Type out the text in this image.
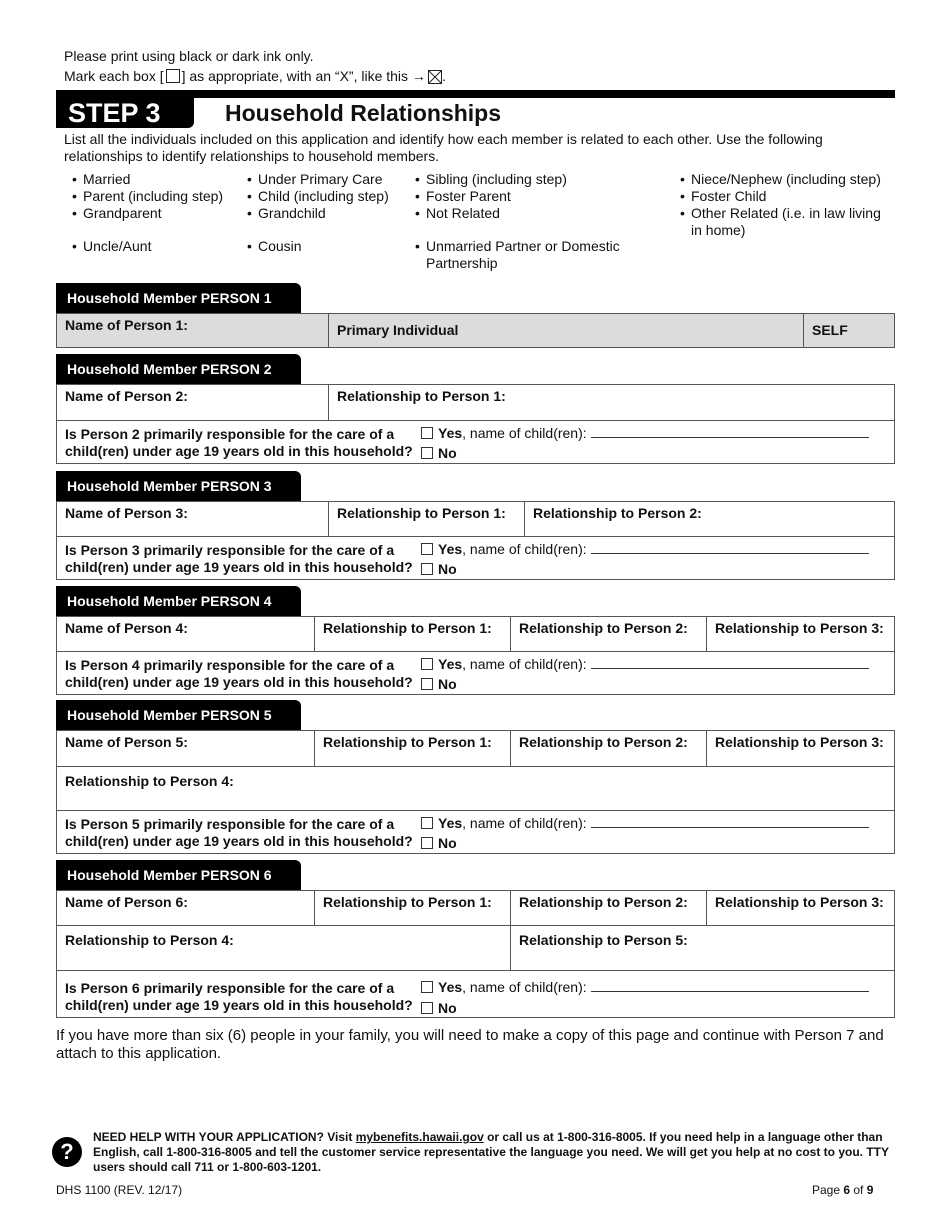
Please print using black or dark ink only.
Mark each box [ ] as appropriate, with an “X”, like this → .
STEP 3	Household Relationships
List all the individuals included on this application and identify how each member is related to each other. Use the following relationships to identify relationships to household members.
• Married
• Parent (including step)
• Grandparent
• Under Primary Care
• Child (including step)
• Grandchild
• Sibling (including step)
• Foster Parent
• Not Related
• Niece/Nephew (including step)
• Foster Child
• Other Related (i.e. in law living in home)
• Uncle/Aunt	• Cousin	• Unmarried Partner or Domestic Partnership
Household Member PERSON 1
Name of Person 1:	Primary Individual	SELF
Household Member PERSON 2
Name of Person 2:	Relationship to Person 1:
Is Person 2 primarily responsible for the care of a
child(ren) under age 19 years old in this household?
Yes, name of child(ren):
No
Household Member PERSON 3
Name of Person 3:	Relationship to Person 1:	Relationship to Person 2:
Is Person 3 primarily responsible for the care of a
child(ren) under age 19 years old in this household?
Yes, name of child(ren):
No
Household Member PERSON 4
Name of Person 4:	Relationship to Person 1:	Relationship to Person 2:	Relationship to Person 3:
Is Person 4 primarily responsible for the care of a
child(ren) under age 19 years old in this household?
Yes, name of child(ren):
No
Household Member PERSON 5
Name of Person 5:	Relationship to Person 1:	Relationship to Person 2:	Relationship to Person 3:
Relationship to Person 4:
Is Person 5 primarily responsible for the care of a
child(ren) under age 19 years old in this household?
Yes, name of child(ren):
No
Household Member PERSON 6
Name of Person 6:	Relationship to Person 1:	Relationship to Person 2:	Relationship to Person 3:
Relationship to Person 4:	Relationship to Person 5:
Is Person 6 primarily responsible for the care of a
child(ren) under age 19 years old in this household?
Yes, name of child(ren):
No
If you have more than six (6) people in your family, you will need to make a copy of this page and continue with Person 7 and attach to this application.
?
NEED HELP WITH YOUR APPLICATION? Visit mybenefits.hawaii.gov or call us at 1-800-316-8005. If you need help in a language other than English, call 1-800-316-8005 and tell the customer service representative the language you need. We will get you help at no cost to you. TTY users should call 711 or 1-800-603-1201.
DHS 1100 (REV. 12/17)	Page 6 of 9
